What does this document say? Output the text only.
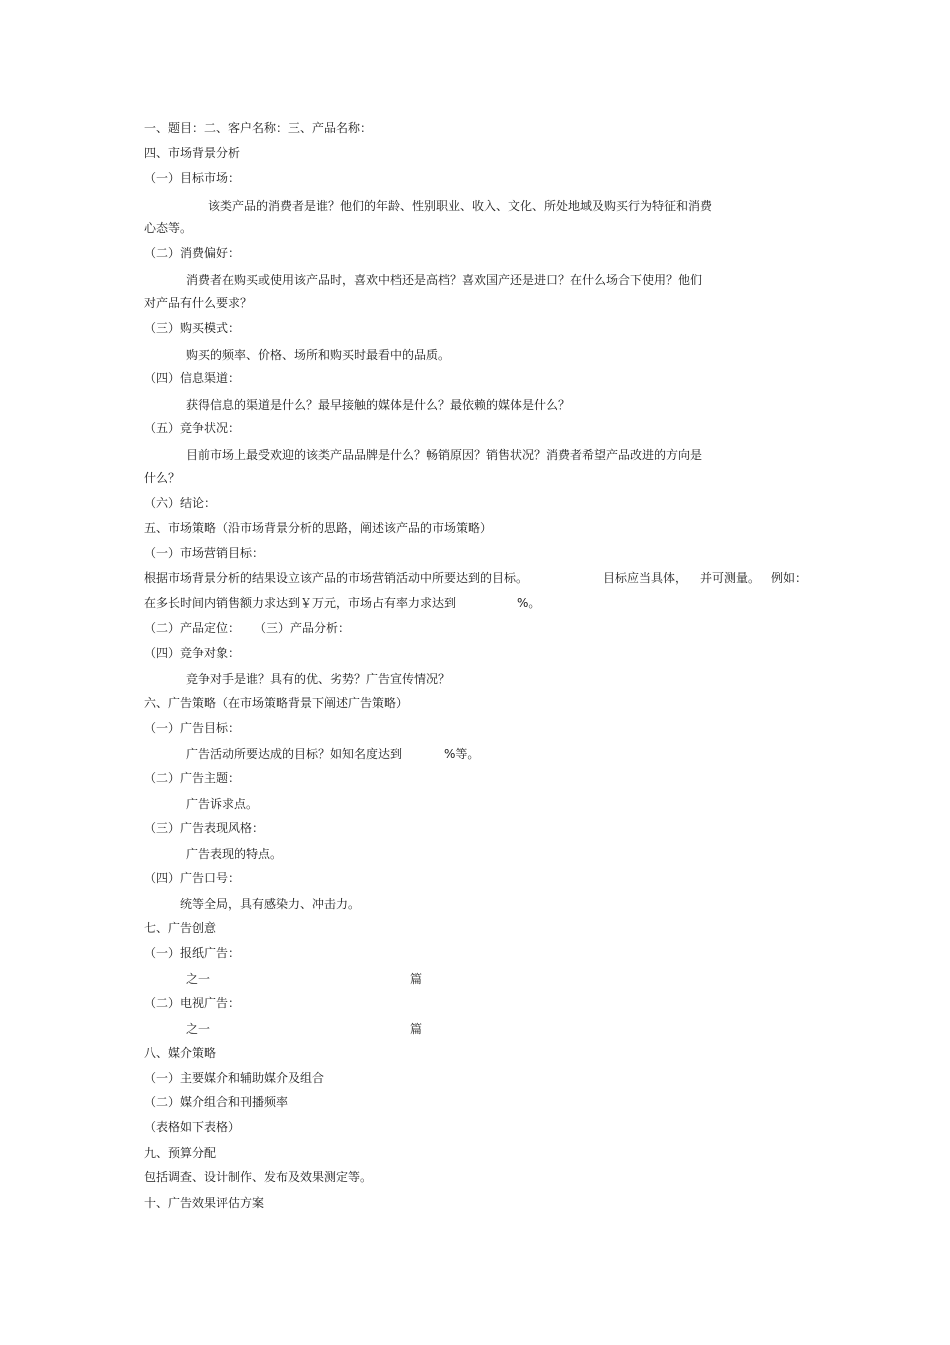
一、题目：二、客户名称：三、产品名称：
四、市场背景分析
（一）目标市场：
该类产品的消费者是谁？他们的年龄、性别职业、收入、文化、所处地域及购买行为特征和消费
心态等。
（二）消费偏好：
消费者在购买或使用该产品时，喜欢中档还是高档？喜欢国产还是进口？在什么场合下使用？他们
对产品有什么要求？
（三）购买模式：
购买的频率、价格、场所和购买时最看中的品质。
（四）信息渠道：
获得信息的渠道是什么？最早接触的媒体是什么？最依赖的媒体是什么？
（五）竞争状况：
目前市场上最受欢迎的该类产品品牌是什么？畅销原因？销售状况？消费者希望产品改进的方向是
什么？
（六）结论：
五、市场策略（沿市场背景分析的思路，阐述该产品的市场策略）
（一）市场营销目标：
根据市场背景分析的结果设立该产品的市场营销活动中所要达到的目标。	目标应当具体， 并可测量。 例如：
在多长时间内销售额力求达到￥万元，市场占有率力求达到	%。
（二）产品定位： （三）产品分析：
（四）竞争对象：
竞争对手是谁？具有的优、劣势？广告宣传情况？
六、广告策略（在市场策略背景下阐述广告策略）
（一）广告目标：
广告活动所要达成的目标？如知名度达到	%等。
（二）广告主题：
广告诉求点。
（三）广告表现风格：
广告表现的特点。
（四）广告口号：
统等全局，具有感染力、冲击力。
七、广告创意
（一）报纸广告：
之一	篇
（二）电视广告：
之一	篇
八、媒介策略
（一）主要媒介和辅助媒介及组合
（二）媒介组合和刊播频率
（表格如下表格）
九、预算分配
包括调查、设计制作、发布及效果测定等。
十、广告效果评估方案
